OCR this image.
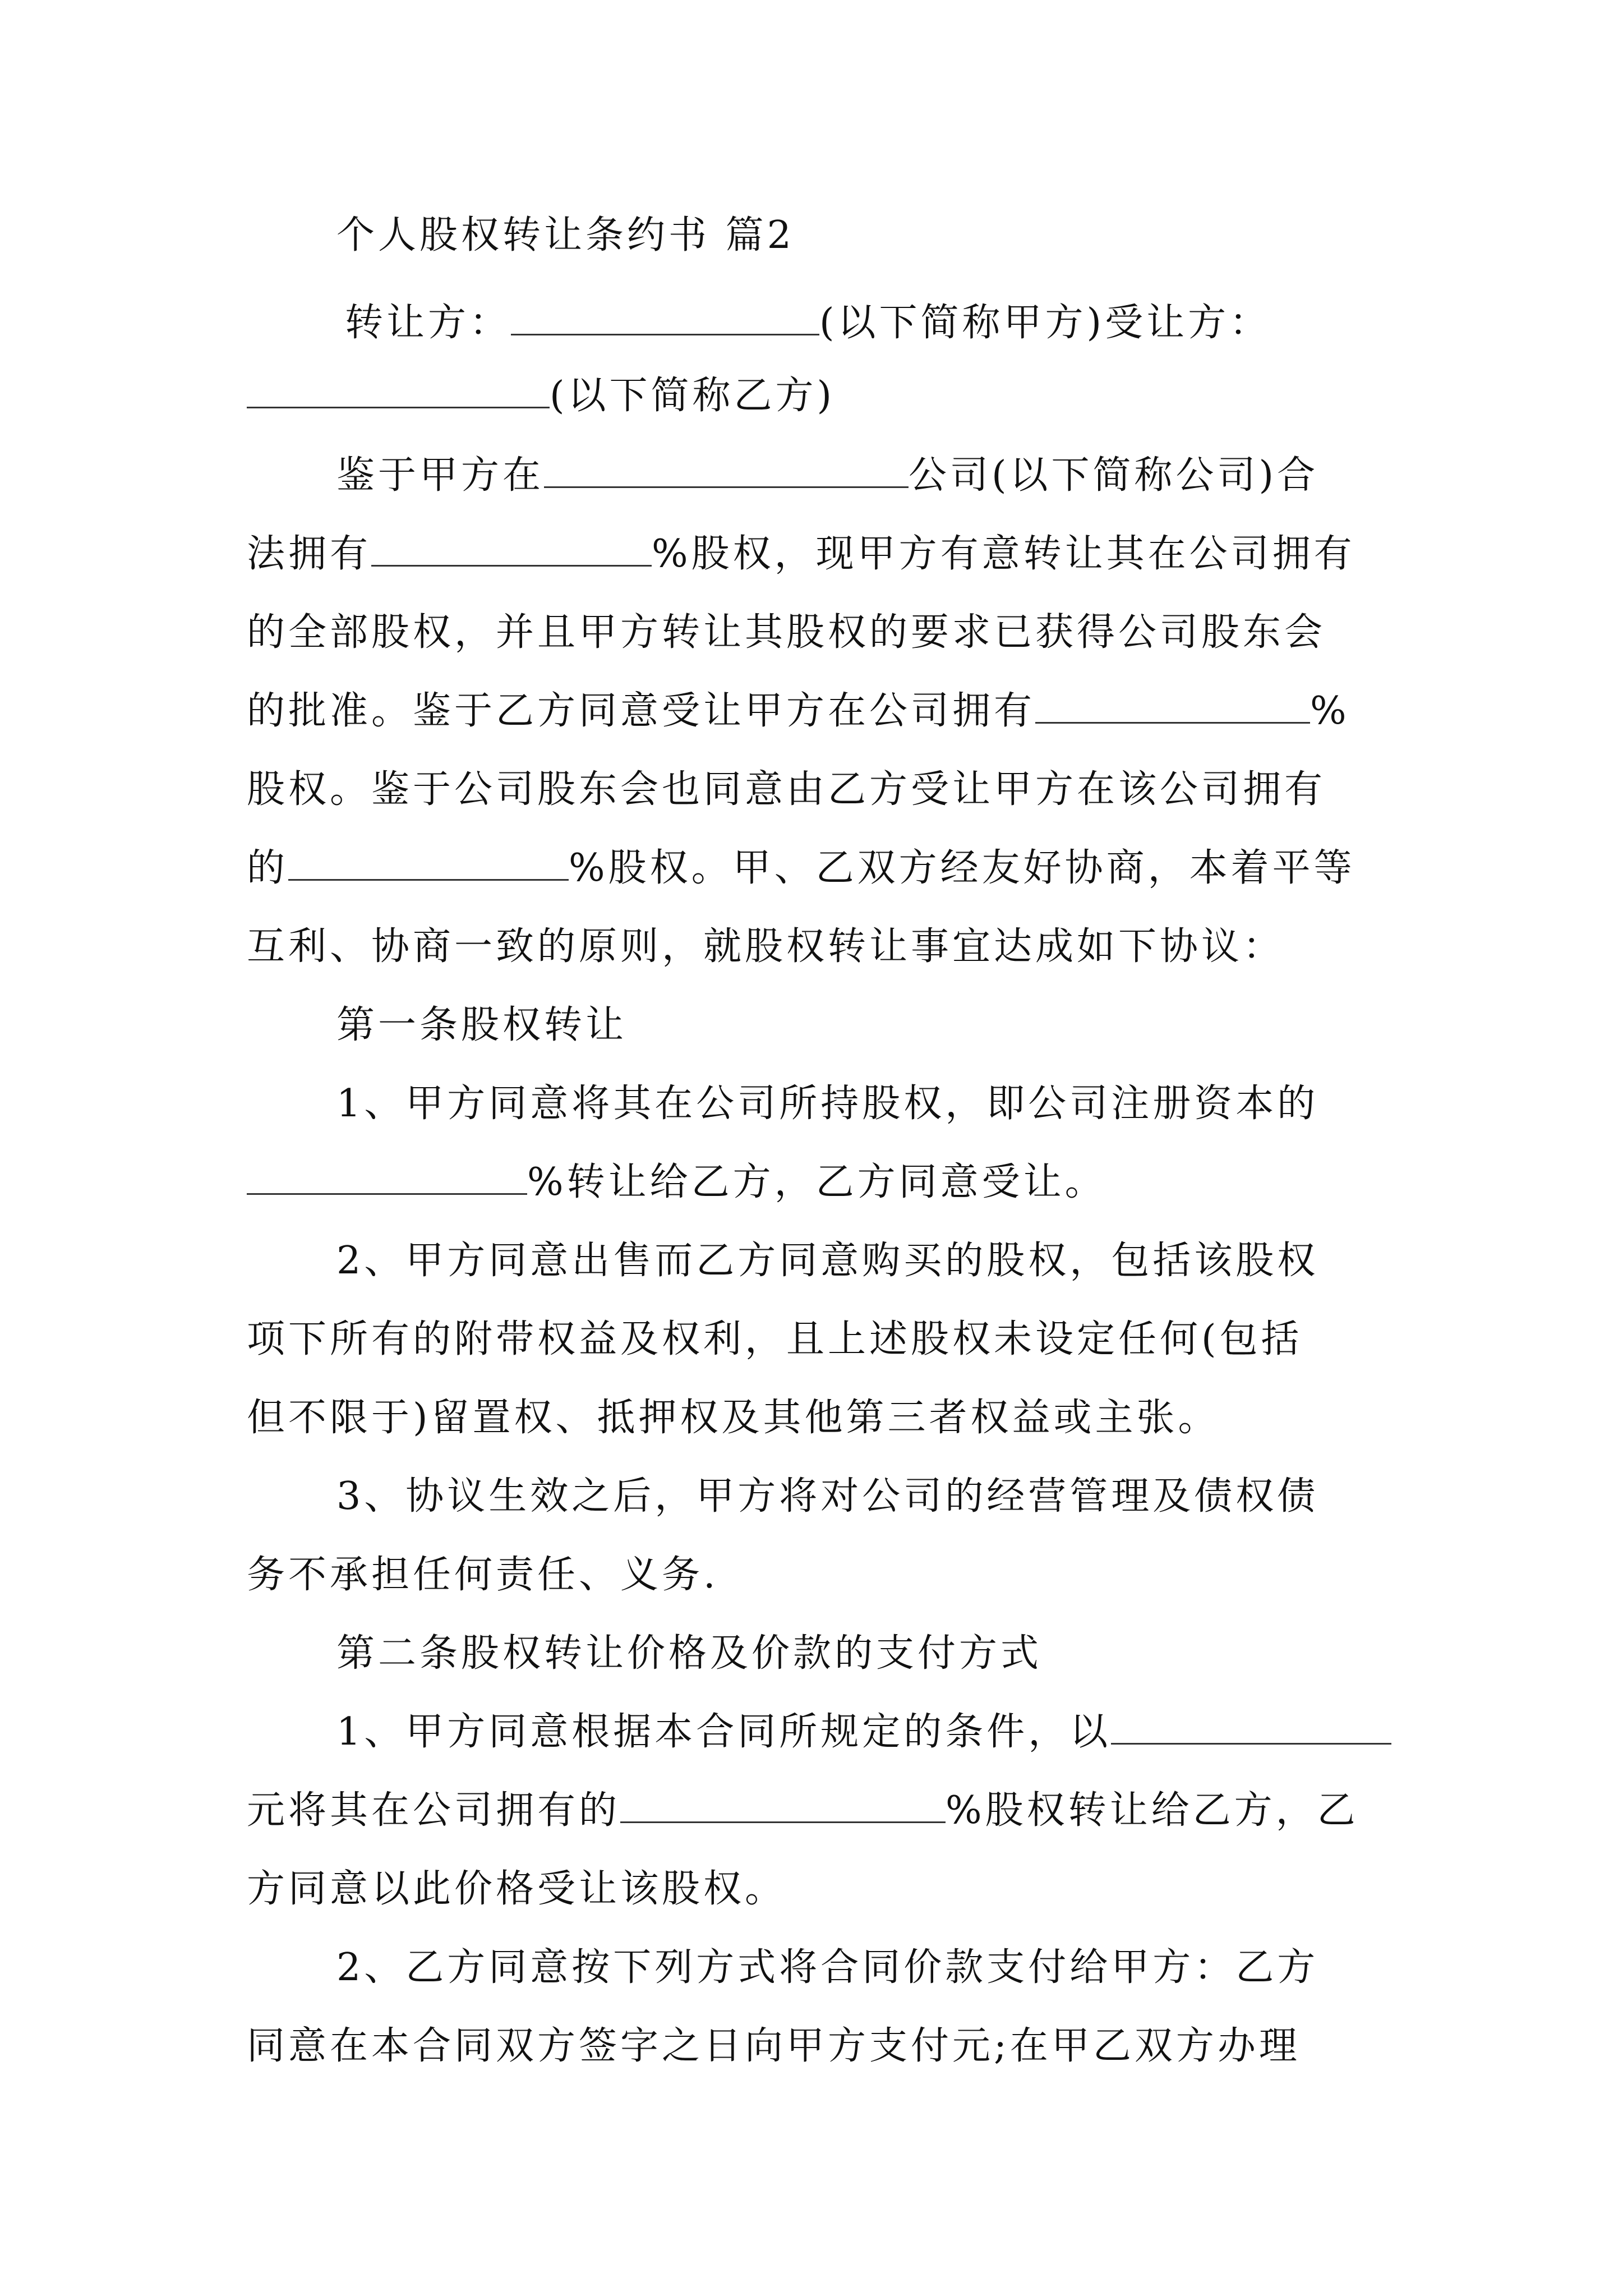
个人股权转让条约书 篇2
转让方：	(以下简称甲方)受让方：
(以下简称乙方)
鉴于甲方在	公司(以下简称公司)合
法拥有	%股权，现甲方有意转让其在公司拥有
的全部股权，并且甲方转让其股权的要求已获得公司股东会
的批准。鉴于乙方同意受让甲方在公司拥有	%
股权。鉴于公司股东会也同意由乙方受让甲方在该公司拥有
的	%股权。甲、乙双方经友好协商，本着平等
互利、协商一致的原则，就股权转让事宜达成如下协议：
第一条股权转让
1、甲方同意将其在公司所持股权，即公司注册资本的
%转让给乙方，乙方同意受让。
2、甲方同意出售而乙方同意购买的股权，包括该股权
项下所有的附带权益及权利，且上述股权未设定任何(包括
但不限于)留置权、抵押权及其他第三者权益或主张。
3、协议生效之后，甲方将对公司的经营管理及债权债
务不承担任何责任、义务.
第二条股权转让价格及价款的支付方式
1、甲方同意根据本合同所规定的条件，以
元将其在公司拥有的	%股权转让给乙方，乙
方同意以此价格受让该股权。
2、乙方同意按下列方式将合同价款支付给甲方：乙方
同意在本合同双方签字之日向甲方支付元;在甲乙双方办理
